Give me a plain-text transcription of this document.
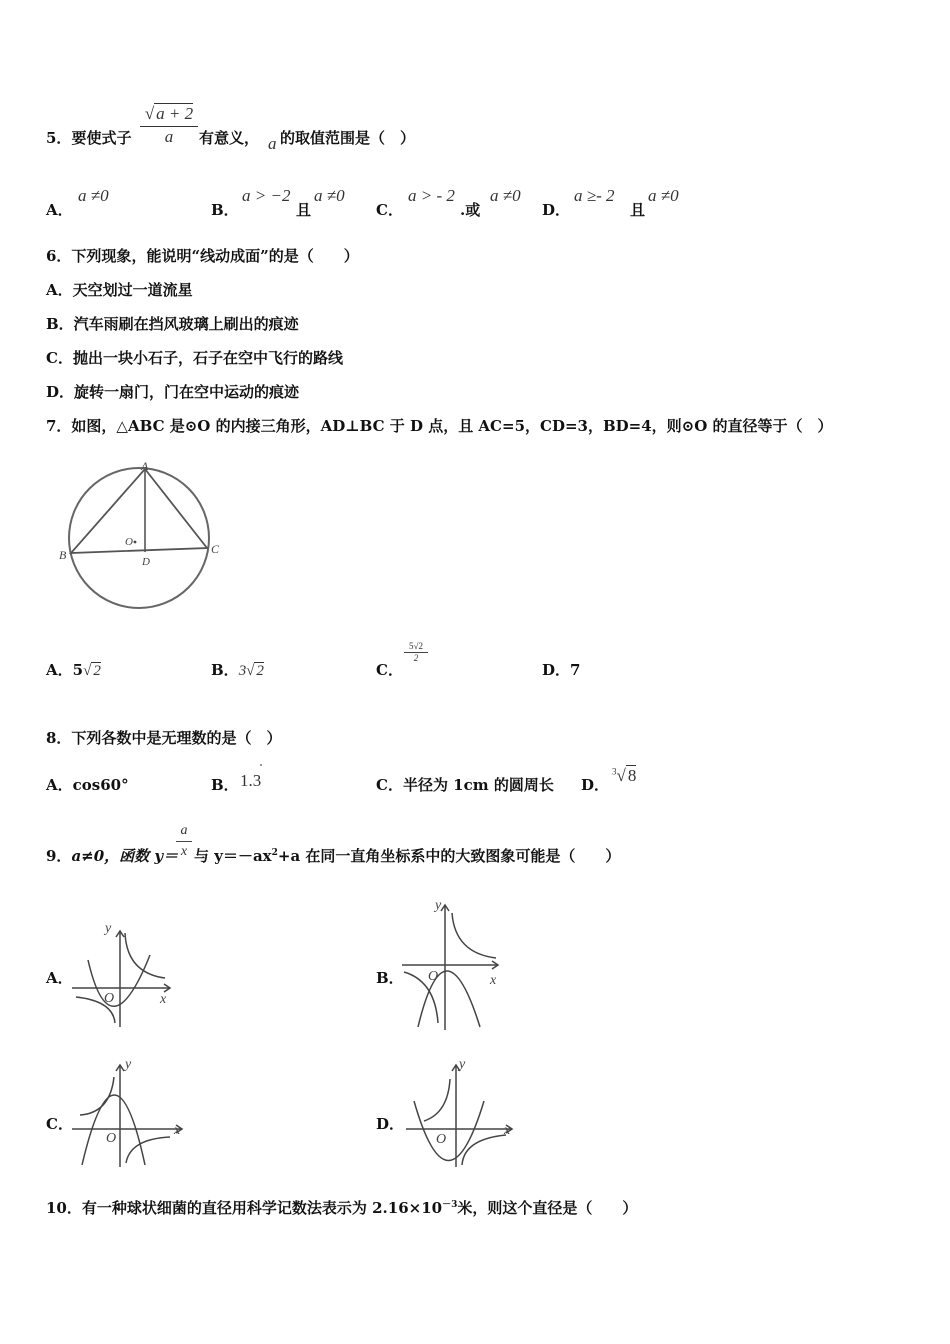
5．要使式子
√ a + 2
a	有意义， a 的取值范围是（　）
A．
a ≠0
B．
a > −2
且
a ≠0
C．
a > - 2
.或
a ≠0
D．
a ≥- 2
且
a ≠0
6．下列现象，能说明“线动成面”的是（　　）
A．天空划过一道流星
B．汽车雨刷在挡风玻璃上刷出的痕迹
C．抛出一块小石子，石子在空中飞行的路线
D．旋转一扇门，门在空中运动的痕迹
7．如图，△ABC 是⊙O 的内接三角形，AD⊥BC 于 D 点，且 AC=5，CD=3，BD=4，则⊙O 的直径等于（　）
A
B	C
D
O
A．5√ 2	B．3√ 2	C．
$\frac{5√2}{2}$
D．7
8．下列各数中是无理数的是（　）
A．cos60°	B． 1.3	C．半径为 1cm 的圆周长 D．
$^3$√ 8
9．a≠0，函数 y＝
$\frac{a}{x}$ 与 $y=-ax^2+a$ 在同一直角坐标系中的大致图象可能是（　　）
A．
y
x
O
B．
y
x
O
C．
y
x
O
D．
y
x
O
10．有一种球状细菌的直径用科学记数法表示为 $2.16\times 10^{-3}$米，则这个直径是（　　）
